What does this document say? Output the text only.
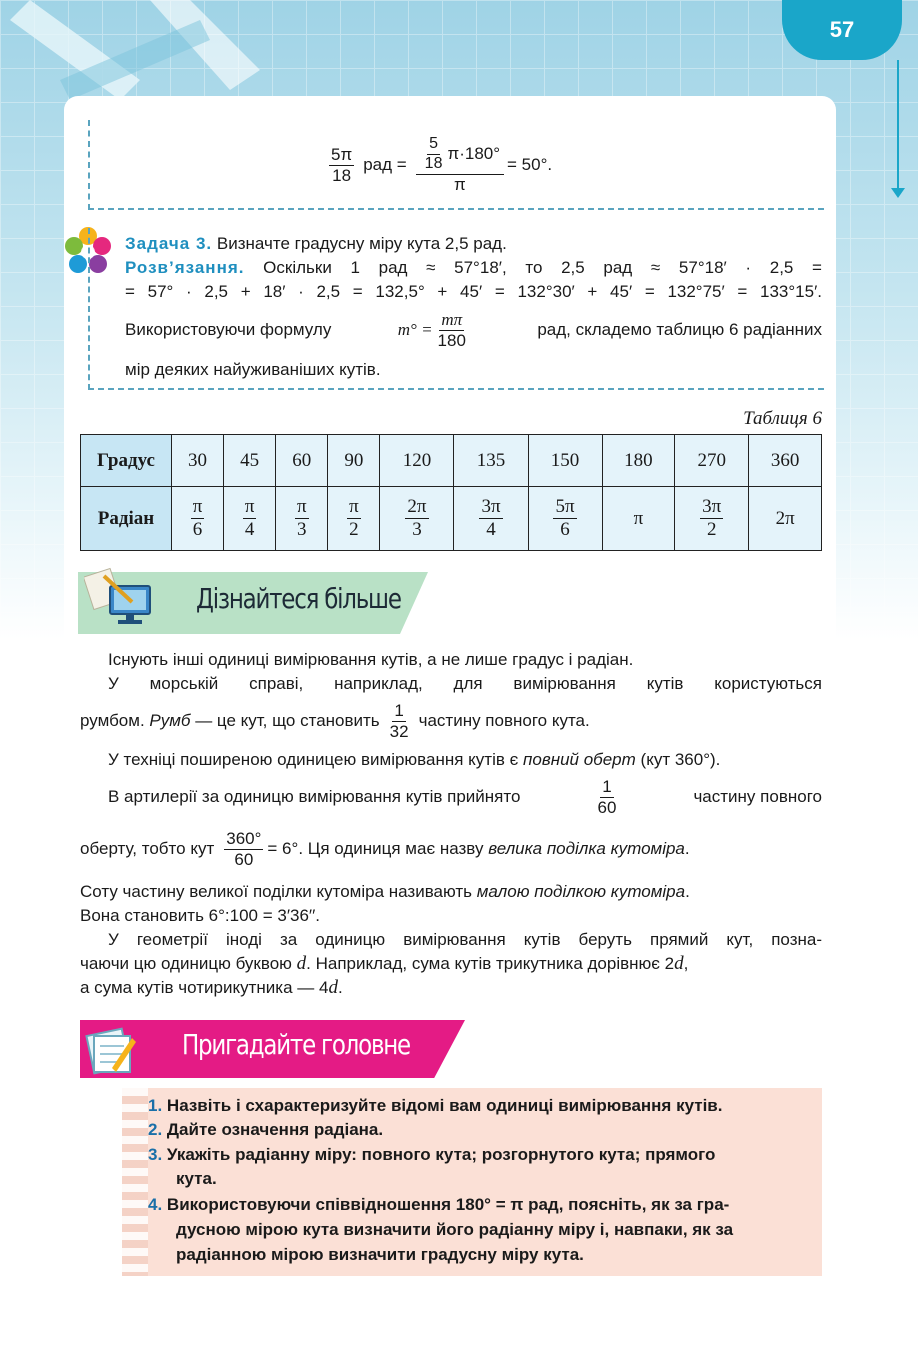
57
$\frac{5\pi}{18}$ рад = $\frac{\frac{5}{18} \pi\cdot 180^\circ}{\pi} = 50^\circ$.
Задача 3. Визначте градусну міру кута 2,5 рад.
Розв’язання. Оскільки 1 рад ≈ 57°18′, то 2,5 рад ≈ 57°18′ · 2,5 =
= 57° · 2,5 + 18′ · 2,5 = 132,5° + 45′ = 132°30′ + 45′ = 132°75′ = 133°15′.
Використовуючи формулу	$m^\circ = \frac{m\pi}{180}$	рад, складемо таблицю 6 радіанних
мір деяких найуживаніших кутів.
Таблиця 6
Градус	30	45	60	90	120	135	150	180	270	360
Радіан	$\frac{\pi}{6}$	$\frac{\pi}{4}$	$\frac{\pi}{3}$	$\frac{\pi}{2}$	$\frac{2\pi}{3}$	$\frac{3\pi}{4}$	$\frac{5\pi}{6}$	π	$\frac{3\pi}{2}$	2π
Дізнайтеся більше
Існують інші одиниці вимірювання кутів, а не лише градус і радіан.
У морській справі, наприклад, для вимірювання кутів користуються
румбом.
Румб
— це кут, що становить $\frac{1}{32}$ частину повного кута.
У техніці поширеною одиницею вимірювання кутів є повний оберт (кут 360°).
В артилерії за одиницю вимірювання кутів прийнято	$\frac{1}{60}$	частину повного
оберту, тобто кут $\frac{360^\circ}{60} = 6^\circ$ . Ця одиниця має назву
велика поділка кутоміра .
Соту частину великої поділки кутоміра називають малою поділкою кутоміра.
Вона становить 6°:100 = 3′36′′.
У геометрії іноді за одиницю вимірювання кутів беруть прямий кут, позна-
чаючи цю одиницю буквою d. Наприклад, сума кутів трикутника дорівнює 2d,
а сума кутів чотирикутника — 4d.
Пригадайте головне
1. Назвіть і схарактеризуйте відомі вам одиниці вимірювання кутів.
2. Дайте означення радіана.
3. Укажіть радіанну міру: повного кута; розгорнутого кута; прямого
кута.
4. Використовуючи співвідношення 180° = π рад, поясніть, як за гра-
дусною мірою кута визначити його радіанну міру і, навпаки, як за
радіанною мірою визначити градусну міру кута.
